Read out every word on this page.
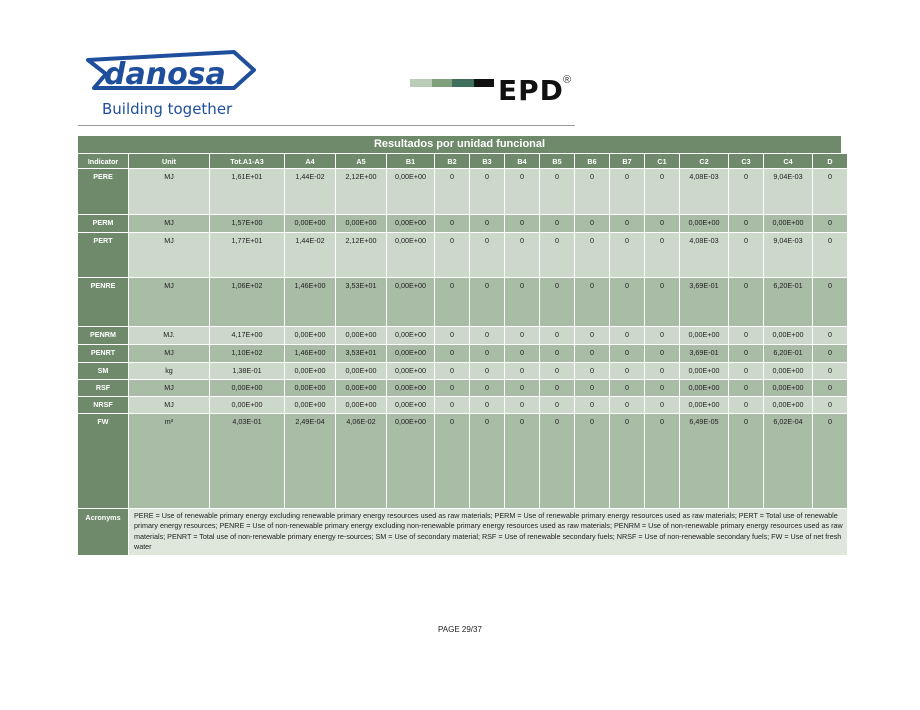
danosa
Building together
EPD ®
Resultados por unidad funcional
Indicator	Unit	Tot.A1-A3	A4	A5	B1	B2	B3	B4	B5	B6	B7	C1	C2	C3	C4	D
PERE	MJ	1,61E+01	1,44E-02	2,12E+00	0,00E+00	0	0	0	0	0	0	0	4,08E-03	0	9,04E-03	0
PERM	MJ	1,57E+00	0,00E+00	0,00E+00	0,00E+00	0	0	0	0	0	0	0	0,00E+00	0	0,00E+00	0
PERT	MJ	1,77E+01	1,44E-02	2,12E+00	0,00E+00	0	0	0	0	0	0	0	4,08E-03	0	9,04E-03	0
PENRE	MJ	1,06E+02	1,46E+00	3,53E+01	0,00E+00	0	0	0	0	0	0	0	3,69E-01	0	6,20E-01	0
PENRM	MJ.	4,17E+00	0,00E+00	0,00E+00	0,00E+00	0	0	0	0	0	0	0	0,00E+00	0	0,00E+00	0
PENRT	MJ	1,10E+02	1,46E+00	3,53E+01	0,00E+00	0	0	0	0	0	0	0	3,69E-01	0	6,20E-01	0
SM	kg	1,38E-01	0,00E+00	0,00E+00	0,00E+00	0	0	0	0	0	0	0	0,00E+00	0	0,00E+00	0
RSF	MJ	0,00E+00	0,00E+00	0,00E+00	0,00E+00	0	0	0	0	0	0	0	0,00E+00	0	0,00E+00	0
NRSF	MJ	0,00E+00	0,00E+00	0,00E+00	0,00E+00	0	0	0	0	0	0	0	0,00E+00	0	0,00E+00	0
FW	m³	4,03E-01	2,49E-04	4,06E-02	0,00E+00	0	0	0	0	0	0	0	6,49E-05	0	6,02E-04	0
Acronyms	PERE = Use of renewable primary energy excluding renewable primary energy resources used as raw materials; PERM = Use of renewable primary energy resources used as raw materials; PERT = Total use of renewable primary energy resources; PENRE = Use of non-renewable primary energy excluding non-renewable primary energy resources used as raw materials; PENRM = Use of non-renewable primary energy resources used as raw materials; PENRT = Total use of non-renewable primary energy re-sources; SM = Use of secondary material; RSF = Use of renewable secondary fuels; NRSF = Use of non-renewable secondary fuels; FW = Use of net fresh water															
PAGE 29/37
